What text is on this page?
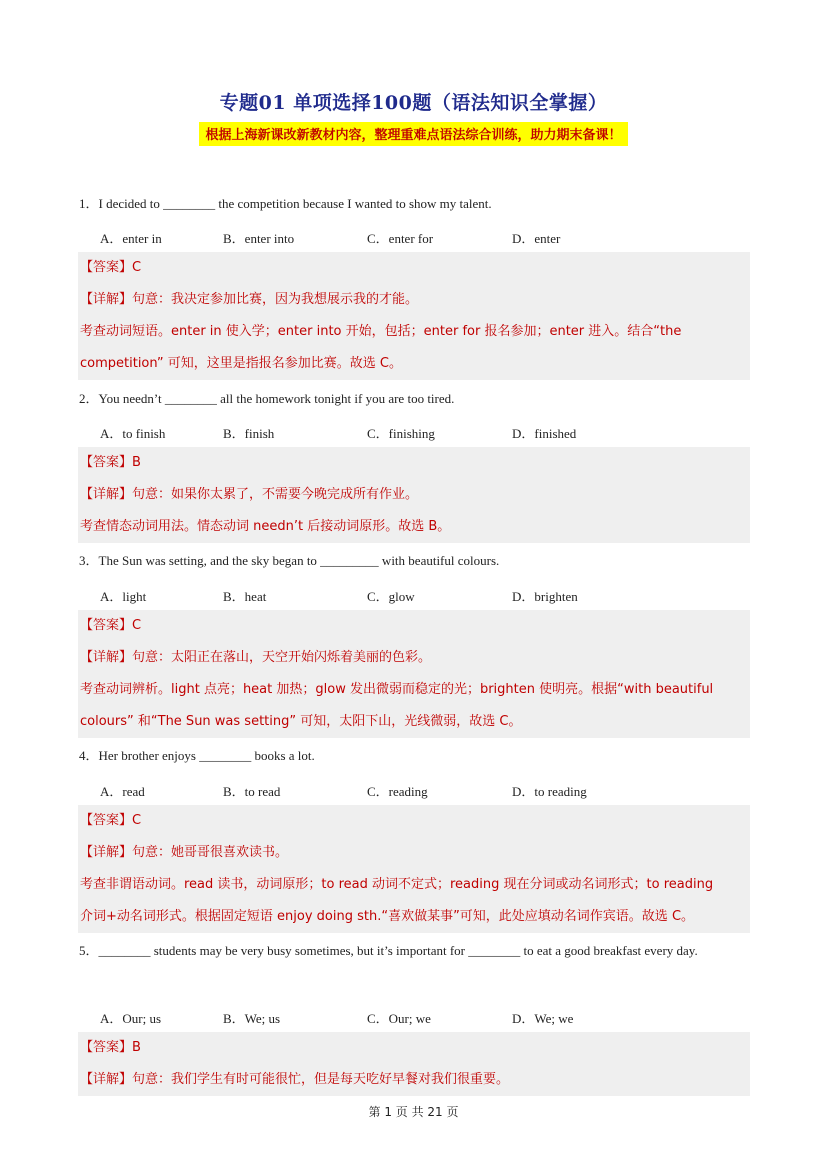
专题01 单项选择100题（语法知识全掌握）
根据上海新课改新教材内容，整理重难点语法综合训练，助力期末备课！
1．I decided to ________ the competition because I wanted to show my talent.
A．enter in	B．enter into	C．enter for	D．enter
【答案】C
【详解】句意：我决定参加比赛，因为我想展示我的才能。
考查动词短语。enter in 使入学；enter into 开始，包括；enter for 报名参加；enter 进入。结合“the
competition” 可知，这里是指报名参加比赛。故选 C。
2．You needn’t ________ all the homework tonight if you are too tired.
A．to finish	B．finish	C．finishing	D．finished
【答案】B
【详解】句意：如果你太累了，不需要今晚完成所有作业。
考查情态动词用法。情态动词 needn’t 后接动词原形。故选 B。
3．The Sun was setting, and the sky began to _________ with beautiful colours.
A．light	B．heat	C．glow	D．brighten
【答案】C
【详解】句意：太阳正在落山，天空开始闪烁着美丽的色彩。
考查动词辨析。light 点亮；heat 加热；glow 发出微弱而稳定的光；brighten 使明亮。根据“with beautiful
colours” 和“The Sun was setting” 可知，太阳下山，光线微弱，故选 C。
4．Her brother enjoys ________ books a lot.
A．read	B．to read	C．reading	D．to reading
【答案】C
【详解】句意：她哥哥很喜欢读书。
考查非谓语动词。read 读书，动词原形；to read 动词不定式；reading 现在分词或动名词形式；to reading
介词+动名词形式。根据固定短语 enjoy doing sth.“喜欢做某事”可知，此处应填动名词作宾语。故选 C。
5．________ students may be very busy sometimes, but it’s important for ________ to eat a good breakfast every day.
A．Our; us	B．We; us	C．Our; we	D．We; we
【答案】B
【详解】句意：我们学生有时可能很忙，但是每天吃好早餐对我们很重要。
第 1 页 共 21 页
